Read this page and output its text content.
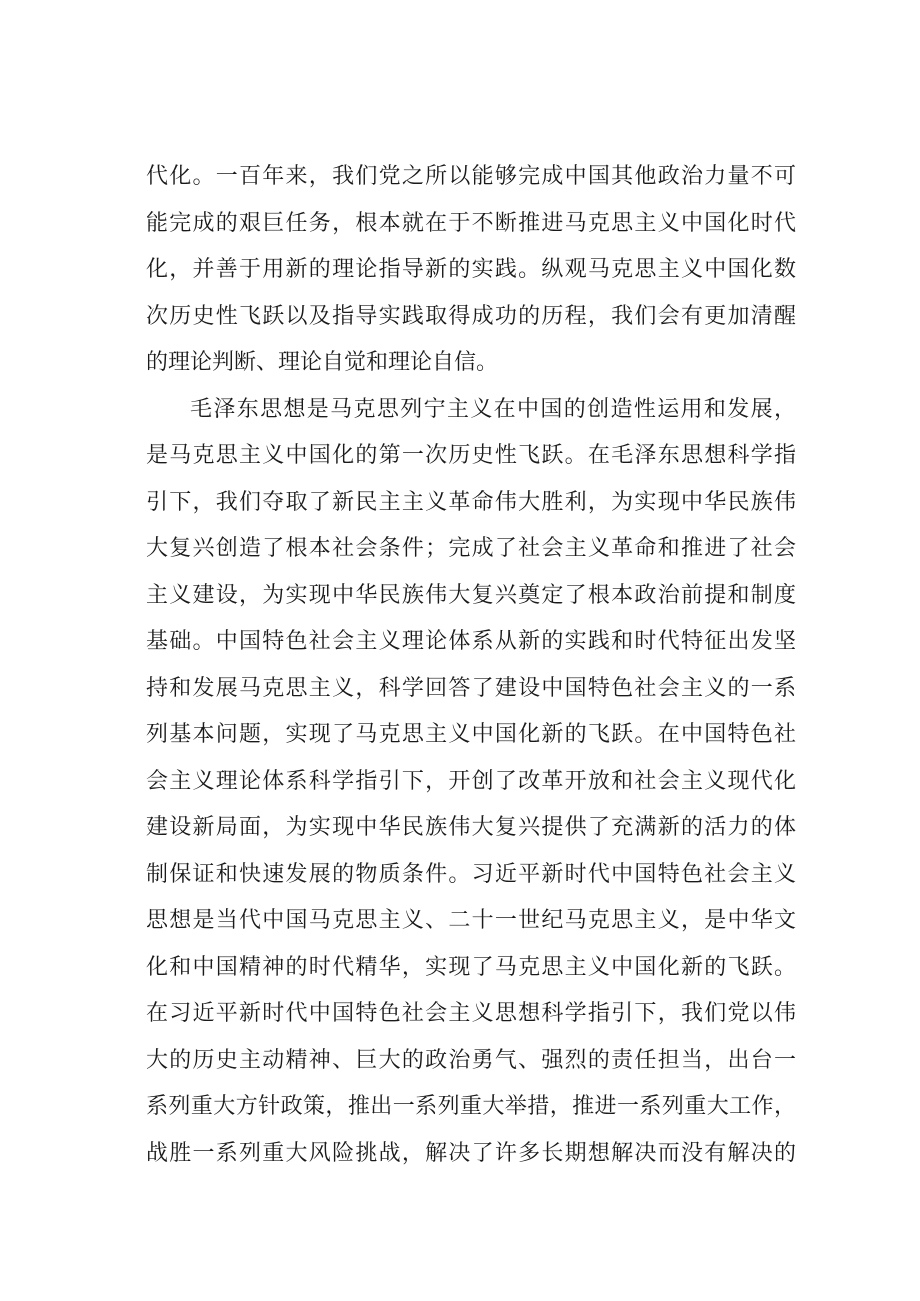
代化。一百年来，我们党之所以能够完成中国其他政治力量不可
能完成的艰巨任务，根本就在于不断推进马克思主义中国化时代
化，并善于用新的理论指导新的实践。纵观马克思主义中国化数
次历史性飞跃以及指导实践取得成功的历程，我们会有更加清醒
的理论判断、理论自觉和理论自信。
毛泽东思想是马克思列宁主义在中国的创造性运用和发展，
是马克思主义中国化的第一次历史性飞跃。在毛泽东思想科学指
引下，我们夺取了新民主主义革命伟大胜利，为实现中华民族伟
大复兴创造了根本社会条件；完成了社会主义革命和推进了社会
主义建设，为实现中华民族伟大复兴奠定了根本政治前提和制度
基础。中国特色社会主义理论体系从新的实践和时代特征出发坚
持和发展马克思主义，科学回答了建设中国特色社会主义的一系
列基本问题，实现了马克思主义中国化新的飞跃。在中国特色社
会主义理论体系科学指引下，开创了改革开放和社会主义现代化
建设新局面，为实现中华民族伟大复兴提供了充满新的活力的体
制保证和快速发展的物质条件。习近平新时代中国特色社会主义
思想是当代中国马克思主义、二十一世纪马克思主义，是中华文
化和中国精神的时代精华，实现了马克思主义中国化新的飞跃。
在习近平新时代中国特色社会主义思想科学指引下，我们党以伟
大的历史主动精神、巨大的政治勇气、强烈的责任担当，出台一
系列重大方针政策，推出一系列重大举措，推进一系列重大工作，
战胜一系列重大风险挑战，解决了许多长期想解决而没有解决的
